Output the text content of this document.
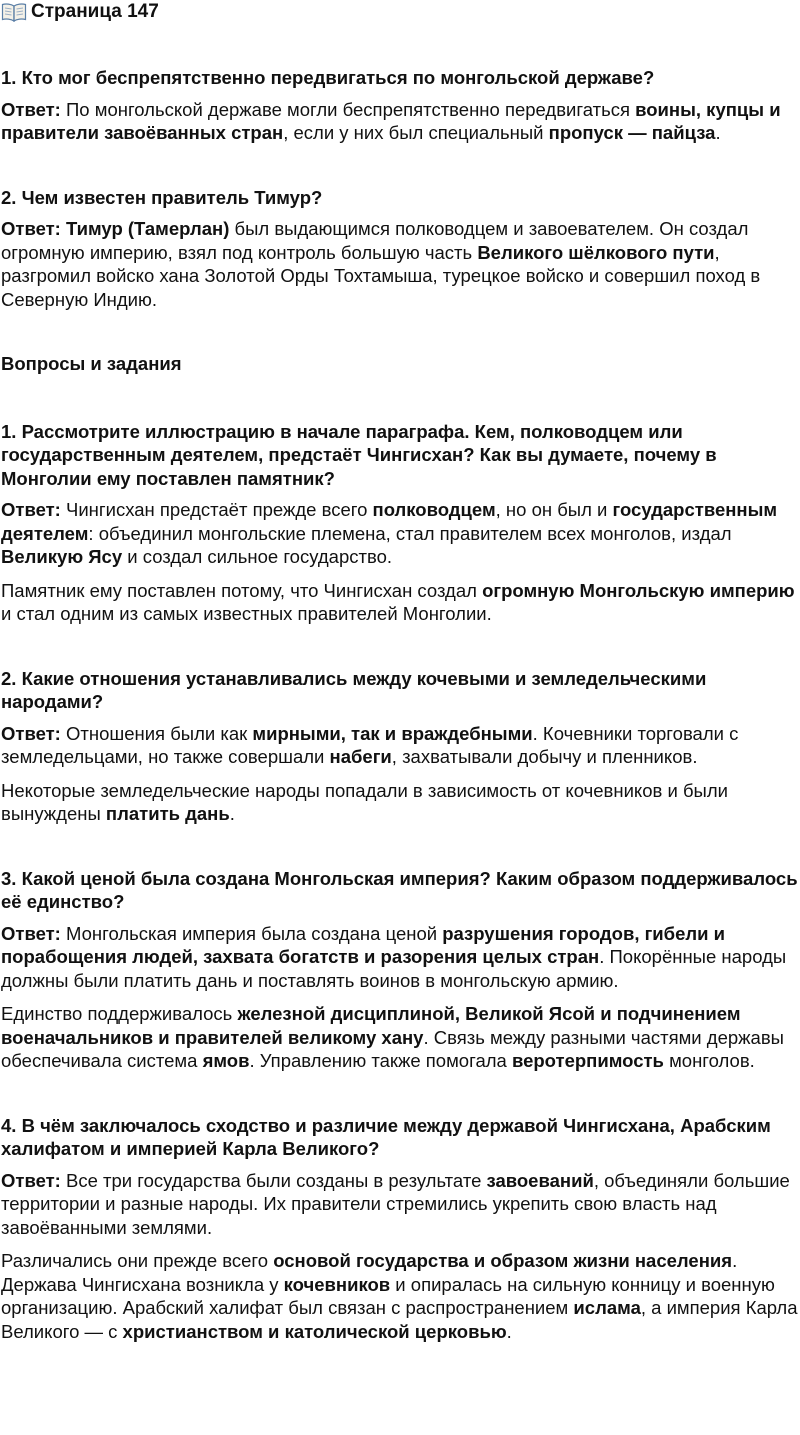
Страница 147

1. Кто мог беспрепятственно передвигаться по монгольской державе?

Ответ: По монгольской державе могли беспрепятственно передвигаться воины, купцы и правители завоёванных стран, если у них был специальный пропуск — пайцза.

2. Чем известен правитель Тимур?

Ответ: Тимур (Тамерлан) был выдающимся полководцем и завоевателем. Он создал огромную империю, взял под контроль большую часть Великого шёлкового пути, разгромил войско хана Золотой Орды Тохтамыша, турецкое войско и совершил поход в Северную Индию.

Вопросы и задания

1. Рассмотрите иллюстрацию в начале параграфа. Кем, полководцем или государственным деятелем, предстаёт Чингисхан? Как вы думаете, почему в Монголии ему поставлен памятник?

Ответ: Чингисхан предстаёт прежде всего полководцем, но он был и государственным деятелем: объединил монгольские племена, стал правителем всех монголов, издал Великую Ясу и создал сильное государство.

Памятник ему поставлен потому, что Чингисхан создал огромную Монгольскую империю и стал одним из самых известных правителей Монголии.

2. Какие отношения устанавливались между кочевыми и земледельческими народами?

Ответ: Отношения были как мирными, так и враждебными. Кочевники торговали с земледельцами, но также совершали набеги, захватывали добычу и пленников.

Некоторые земледельческие народы попадали в зависимость от кочевников и были вынуждены платить дань.

3. Какой ценой была создана Монгольская империя? Каким образом поддерживалось её единство?

Ответ: Монгольская империя была создана ценой разрушения городов, гибели и порабощения людей, захвата богатств и разорения целых стран. Покорённые народы должны были платить дань и поставлять воинов в монгольскую армию.

Единство поддерживалось железной дисциплиной, Великой Ясой и подчинением военачальников и правителей великому хану. Связь между разными частями державы обеспечивала система ямов. Управлению также помогала веротерпимость монголов.

4. В чём заключалось сходство и различие между державой Чингисхана, Арабским халифатом и империей Карла Великого?

Ответ: Все три государства были созданы в результате завоеваний, объединяли большие территории и разные народы. Их правители стремились укрепить свою власть над завоёванными землями.

Различались они прежде всего основой государства и образом жизни населения. Держава Чингисхана возникла у кочевников и опиралась на сильную конницу и военную организацию. Арабский халифат был связан с распространением ислама, а империя Карла Великого — с христианством и католической церковью.
